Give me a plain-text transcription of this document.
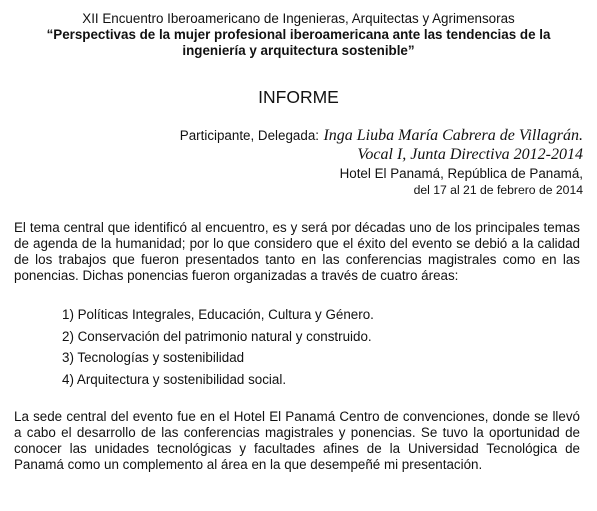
XII Encuentro Iberoamericano de Ingenieras, Arquitectas y Agrimensoras
“Perspectivas de la mujer profesional iberoamericana ante las tendencias de la ingeniería y arquitectura sostenible”
INFORME
Participante, Delegada: Inga Liuba María Cabrera de Villagrán.
Vocal I, Junta Directiva 2012-2014
Hotel El Panamá, República de Panamá,
del 17 al 21 de febrero de 2014

El tema central que identificó al encuentro, es y será por décadas uno de los principales temas de agenda de la humanidad; por lo que considero que el éxito del evento se debió a la calidad de los trabajos que fueron presentados tanto en las conferencias magistrales como en las ponencias. Dichas ponencias fueron organizadas a través de cuatro áreas:

1) Políticas Integrales, Educación, Cultura y Género.
2) Conservación del patrimonio natural y construido.
3) Tecnologías y sostenibilidad
4) Arquitectura y sostenibilidad social.

La sede central del evento fue en el Hotel El Panamá Centro de convenciones, donde se llevó a cabo el desarrollo de las conferencias magistrales y ponencias. Se tuvo la oportunidad de conocer las unidades tecnológicas y facultades afines de la Universidad Tecnológica de Panamá como un complemento al área en la que desempeñé mi presentación.
